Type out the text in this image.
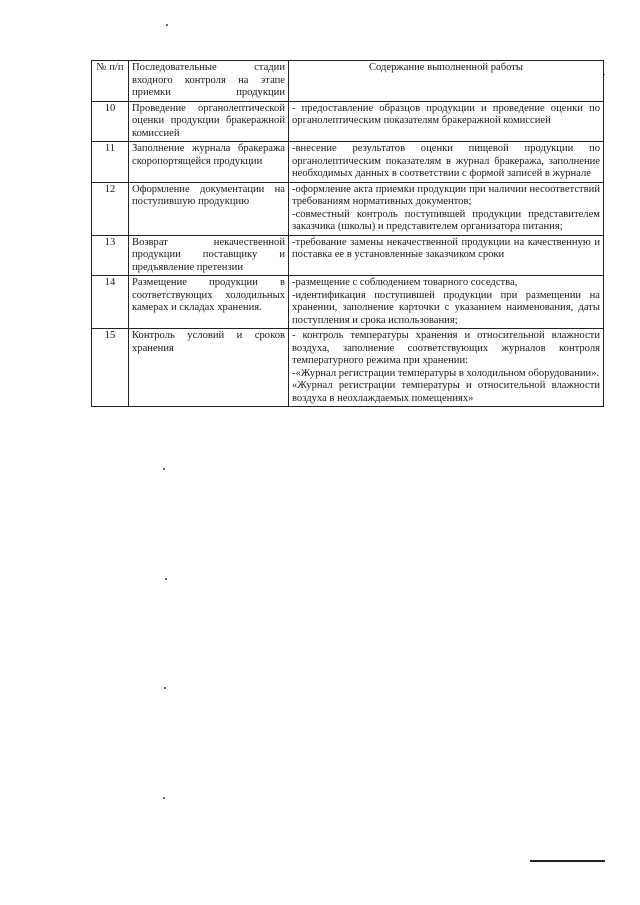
№ п/п	Последовательные стадии входного контроля на этапе приемки продукции	Содержание выполненной работы
10	Проведение органолептической оценки продукции бракеражной комиссией	- предоставление образцов продукции и проведение оценки по органолептическим показателям бракеражной комиссией

11	Заполнение журнала бракеража скоропортящейся продукции	-внесение результатов оценки пищевой продукции по органолептическим показателям в журнал бракеража, заполнение необходимых данных в соответствии с формой записей в журнале

12	Оформление документации на поступившую продукцию	-оформление акта приемки продукции при наличии несоответствий требованиям нормативных документов;
-совместный контроль поступившей продукции представителем заказчика (школы) и представителем организатора питания;

13	Возврат некачественной продукции поставщику и предъявление претензии	-требование замены некачественной продукции на качественную и поставка ее в установленные заказчиком сроки

14	Размещение продукции в соответствующих холодильных камерах и складах хранения.	-размещение с соблюдением товарного соседства,
-идентификация поступившей продукции при размещении на хранении, заполнение карточки с указанием наименования, даты поступления и срока использования;

15	Контроль условий и сроков хранения	- контроль температуры хранения и относительной влажности воздуха, заполнение соответствующих журналов контроля температурного режима при хранении:
-«Журнал регистрации температуры в холодильном оборудовании».
«Журнал регистрации температуры и относительной влажности воздуха в неохлаждаемых помещениях»
